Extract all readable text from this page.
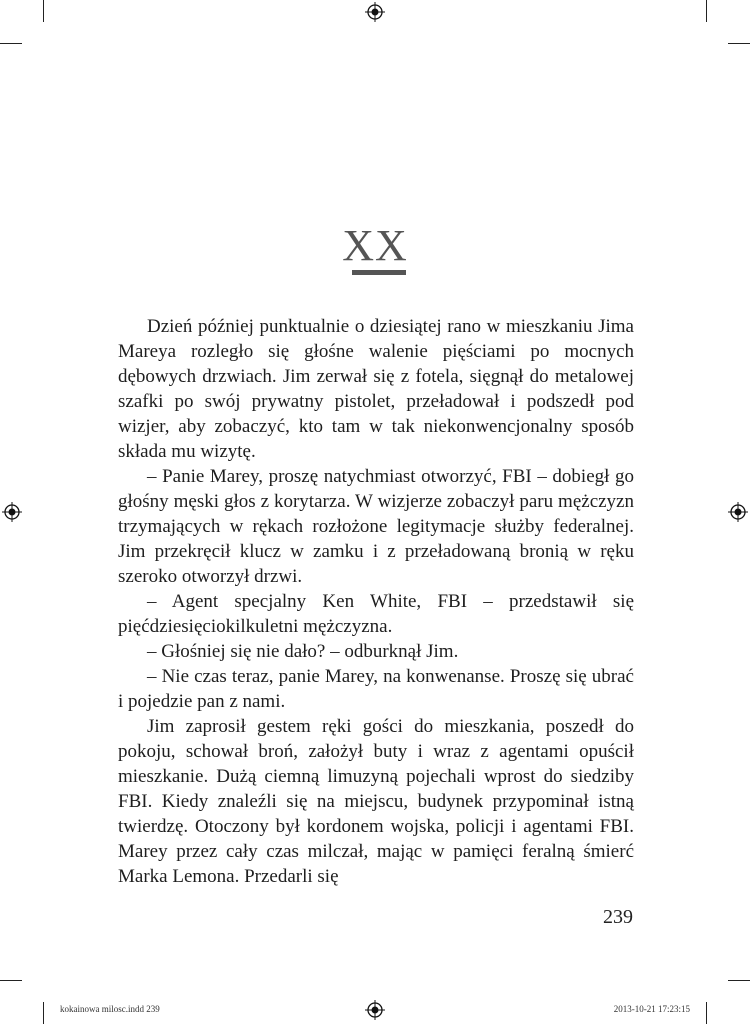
XX

Dzień później punktualnie o dziesiątej rano w mieszkaniu Jima Mareya rozległo się głośne walenie pięściami po mocnych dębowych drzwiach. Jim zerwał się z fotela, sięgnął do metalowej szafki po swój prywatny pistolet, przeładował i podszedł pod wizjer, aby zobaczyć, kto tam w tak niekonwencjonalny sposób składa mu wizytę.

– Panie Marey, proszę natychmiast otworzyć, FBI – dobiegł go głośny męski głos z korytarza. W wizjerze zobaczył paru mężczyzn trzymających w rękach rozłożone legitymacje służby federalnej. Jim przekręcił klucz w zamku i z przeładowaną bronią w ręku szeroko otworzył drzwi.

– Agent specjalny Ken White, FBI – przedstawił się pięćdziesięciokilkuletni mężczyzna.

– Głośniej się nie dało? – odburknął Jim.

– Nie czas teraz, panie Marey, na konwenanse. Proszę się ubrać i pojedzie pan z nami.

Jim zaprosił gestem ręki gości do mieszkania, poszedł do pokoju, schował broń, założył buty i wraz z agentami opuścił mieszkanie. Dużą ciemną limuzyną pojechali wprost do siedziby FBI. Kiedy znaleźli się na miejscu, budynek przypominał istną twierdzę. Otoczony był kordonem wojska, policji i agentami FBI. Marey przez cały czas milczał, mając w pamięci feralną śmierć Marka Lemona. Przedarli się

239
kokainowa milosc.indd 239	2013-10-21 17:23:15
